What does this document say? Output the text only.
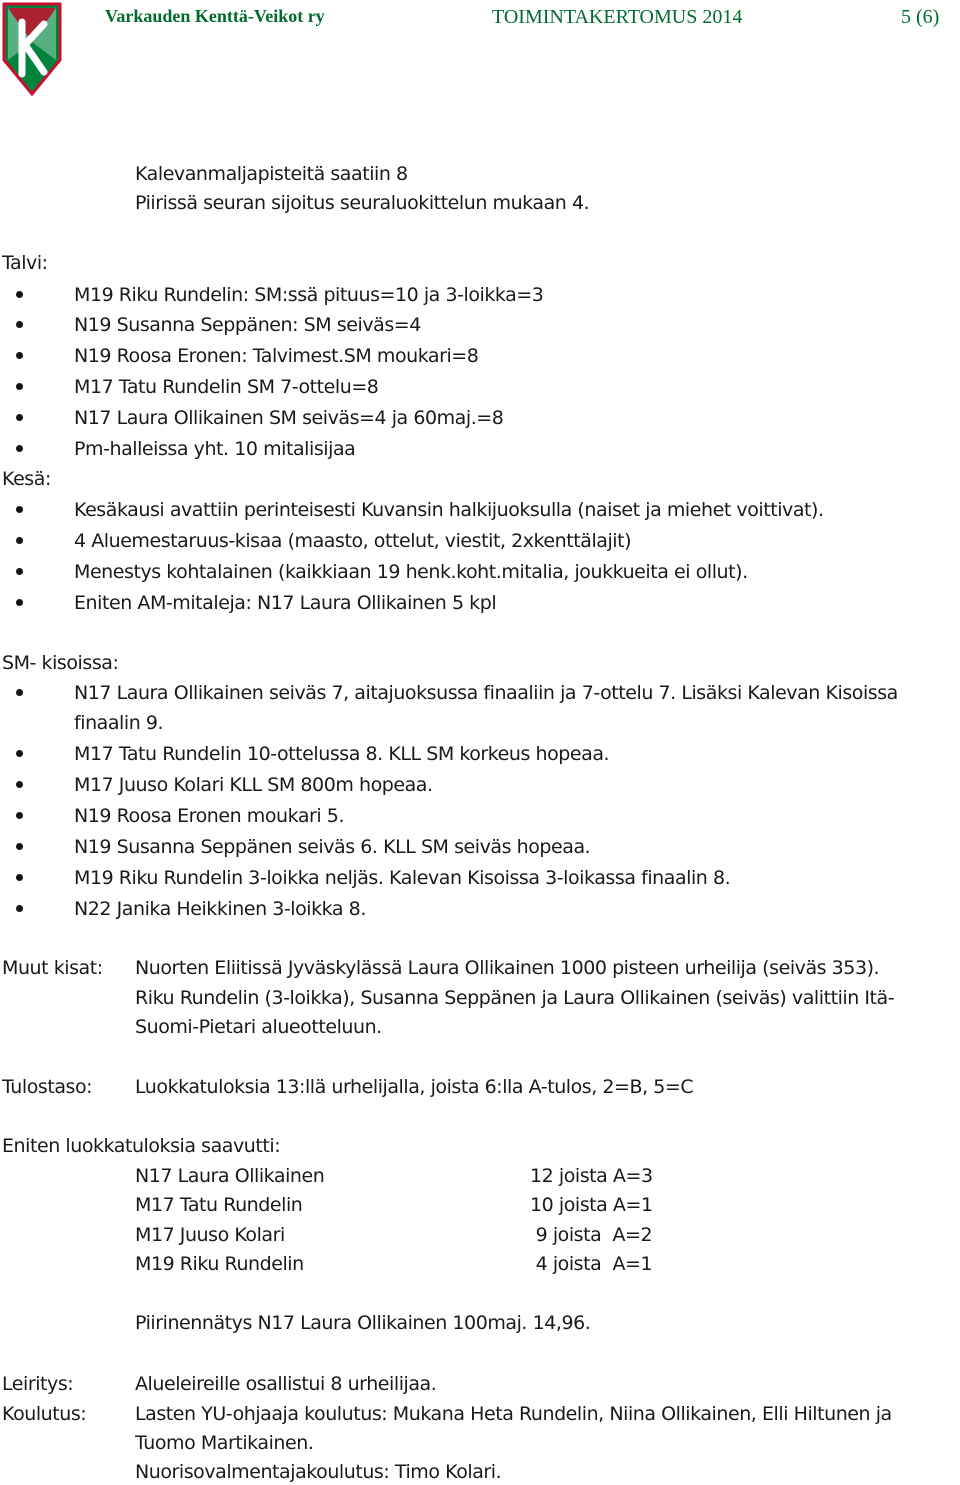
Varkauden Kenttä-Veikot ry	TOIMINTAKERTOMUS 2014	5 (6)
Kalevanmaljapisteitä saatiin 8
Piirissä seuran sijoitus seuraluokittelun mukaan 4.
Talvi:
M19 Riku Rundelin: SM:ssä pituus=10 ja 3-loikka=3
N19 Susanna Seppänen: SM seiväs=4
N19 Roosa Eronen: Talvimest.SM moukari=8
M17 Tatu Rundelin SM 7-ottelu=8
N17 Laura Ollikainen SM seiväs=4 ja 60maj.=8
Pm-halleissa yht. 10 mitalisijaa
Kesä:
Kesäkausi avattiin perinteisesti Kuvansin halkijuoksulla (naiset ja miehet voittivat).
4 Aluemestaruus-kisaa (maasto, ottelut, viestit, 2xkenttälajit)
Menestys kohtalainen (kaikkiaan 19 henk.koht.mitalia, joukkueita ei ollut).
Eniten AM-mitaleja: N17 Laura Ollikainen 5 kpl
SM- kisoissa:
N17 Laura Ollikainen seiväs 7, aitajuoksussa finaaliin ja 7-ottelu 7. Lisäksi Kalevan Kisoissa
finaalin 9.
M17 Tatu Rundelin 10-ottelussa 8. KLL SM korkeus hopeaa.
M17 Juuso Kolari KLL SM 800m hopeaa.
N19 Roosa Eronen moukari 5.
N19 Susanna Seppänen seiväs 6. KLL SM seiväs hopeaa.
M19 Riku Rundelin 3-loikka neljäs. Kalevan Kisoissa 3-loikassa finaalin 8.
N22 Janika Heikkinen 3-loikka 8.
Muut kisat: Nuorten Eliitissä Jyväskylässä Laura Ollikainen 1000 pisteen urheilija (seiväs 353).
Riku Rundelin (3-loikka), Susanna Seppänen ja Laura Ollikainen (seiväs) valittiin Itä-
Suomi-Pietari alueotteluun.
Tulostaso: Luokkatuloksia 13:llä urhelijalla, joista 6:lla A-tulos, 2=B, 5=C
Eniten luokkatuloksia saavutti:
N17 Laura Ollikainen	12 joista A=3
M17 Tatu Rundelin	10 joista A=1
M17 Juuso Kolari	9 joista  A=2
M19 Riku Rundelin	4 joista  A=1
Piirinennätys N17 Laura Ollikainen 100maj. 14,96.
Leiritys:	Alueleireille osallistui 8 urheilijaa.
Koulutus:	Lasten YU-ohjaaja koulutus: Mukana Heta Rundelin, Niina Ollikainen, Elli Hiltunen ja
Tuomo Martikainen.
Nuorisovalmentajakoulutus: Timo Kolari.
